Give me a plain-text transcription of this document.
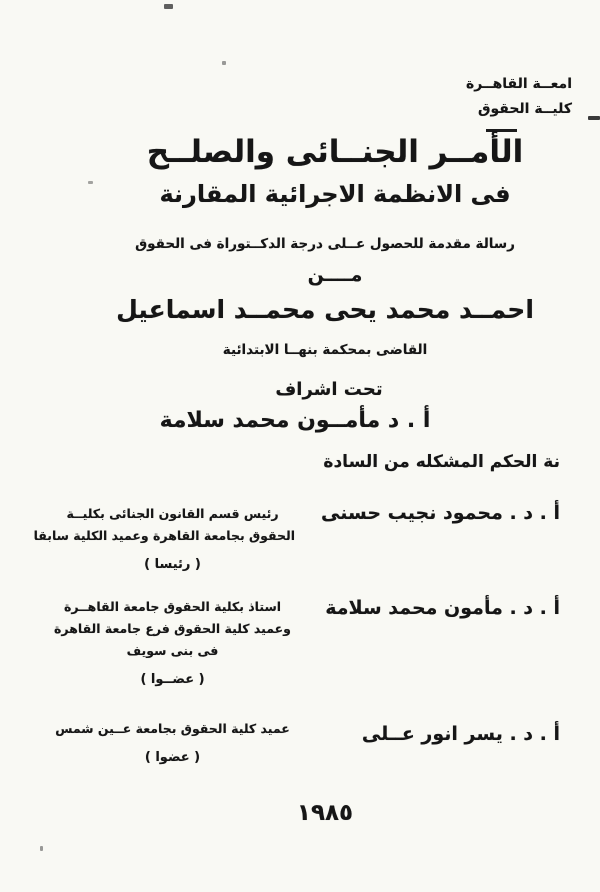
امعــة القاهــرة
كليــة الحقوق
الأمــر الجنــائى والصلــح
فى الانظمة الاجرائية المقارنة
رسالة مقدمة للحصول عــلى درجة الدكــتوراة فى الحقوق
مــــن
احمــد محمد يحى محمــد اسماعيل
القاضى بمحكمة بنهــا الابتدائية
تحت اشراف
أ . د مأمــون محمد سلامة
نة الحكم المشكله من السادة
أ . د . محمود نجيب حسنى
رئيس قسم القانون الجنائى بكليــة
الحقوق بجامعة القاهرة وعميد الكلية سابقا
( رئيسا )
أ . د . مأمون محمد سلامة
استاذ بكلية الحقوق جامعة القاهــرة
وعميد كلية الحقوق فرع جامعة القاهرة
فى بنى سويف
( عضــوا )
أ . د . يسر انور عــلى
عميد كلية الحقوق بجامعة عــين شمس
( عضوا )
١٩٨٥
